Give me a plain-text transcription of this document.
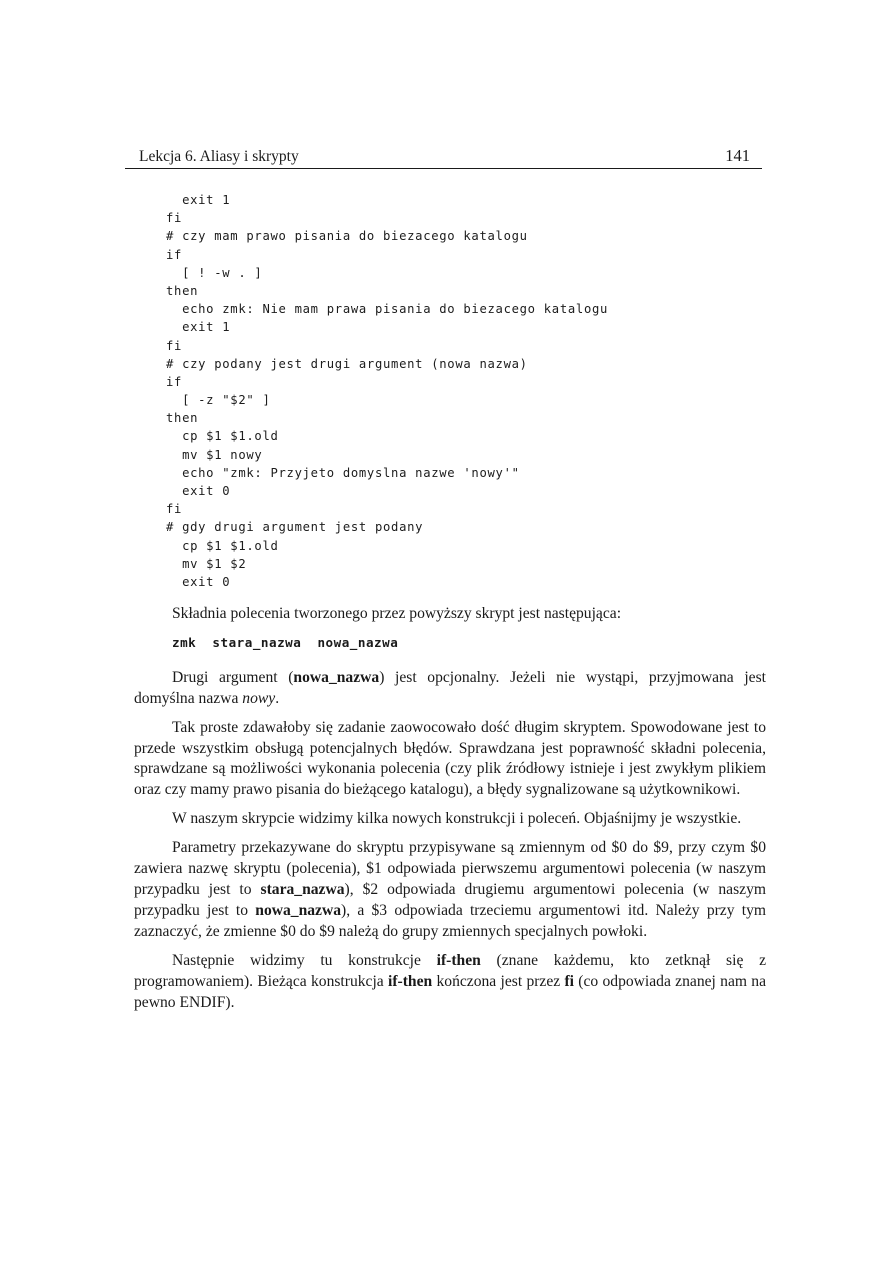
Lekcja 6. Aliasy i skrypty	141
exit 1
fi
# czy mam prawo pisania do biezacego katalogu
if
[ ! -w . ]
then
echo zmk: Nie mam prawa pisania do biezacego katalogu
exit 1
fi
# czy podany jest drugi argument (nowa nazwa)
if
[ -z "$2" ]
then
cp $1 $1.old
mv $1 nowy
echo "zmk: Przyjeto domyslna nazwe 'nowy'"
exit 0
fi
# gdy drugi argument jest podany
cp $1 $1.old
mv $1 $2
exit 0

Składnia polecenia tworzonego przez powyższy skrypt jest następująca:

zmk  stara_nazwa  nowa_nazwa

Drugi argument (nowa_nazwa) jest opcjonalny. Jeżeli nie wystąpi, przyjmowana jest domyślna nazwa nowy.

Tak proste zdawałoby się zadanie zaowocowało dość długim skryptem. Spowodowane jest to przede wszystkim obsługą potencjalnych błędów. Sprawdzana jest poprawność składni polecenia, sprawdzane są możliwości wykonania polecenia (czy plik źródłowy istnieje i jest zwykłym plikiem oraz czy mamy prawo pisania do bieżącego katalogu), a błędy sygnalizowane są użytkownikowi.

W naszym skrypcie widzimy kilka nowych konstrukcji i poleceń. Objaśnijmy je wszystkie.

Parametry przekazywane do skryptu przypisywane są zmiennym od $0 do $9, przy czym $0 zawiera nazwę skryptu (polecenia), $1 odpowiada pierwszemu argumentowi polecenia (w naszym przypadku jest to stara_nazwa), $2 odpowiada drugiemu argumentowi polecenia (w naszym przypadku jest to nowa_nazwa), a $3 odpowiada trzeciemu argumentowi itd. Należy przy tym zaznaczyć, że zmienne $0 do $9 należą do grupy zmiennych specjalnych powłoki.

Następnie widzimy tu konstrukcje if-then (znane każdemu, kto zetknął się z programowaniem). Bieżąca konstrukcja if-then kończona jest przez fi (co odpowiada znanej nam na pewno ENDIF).
